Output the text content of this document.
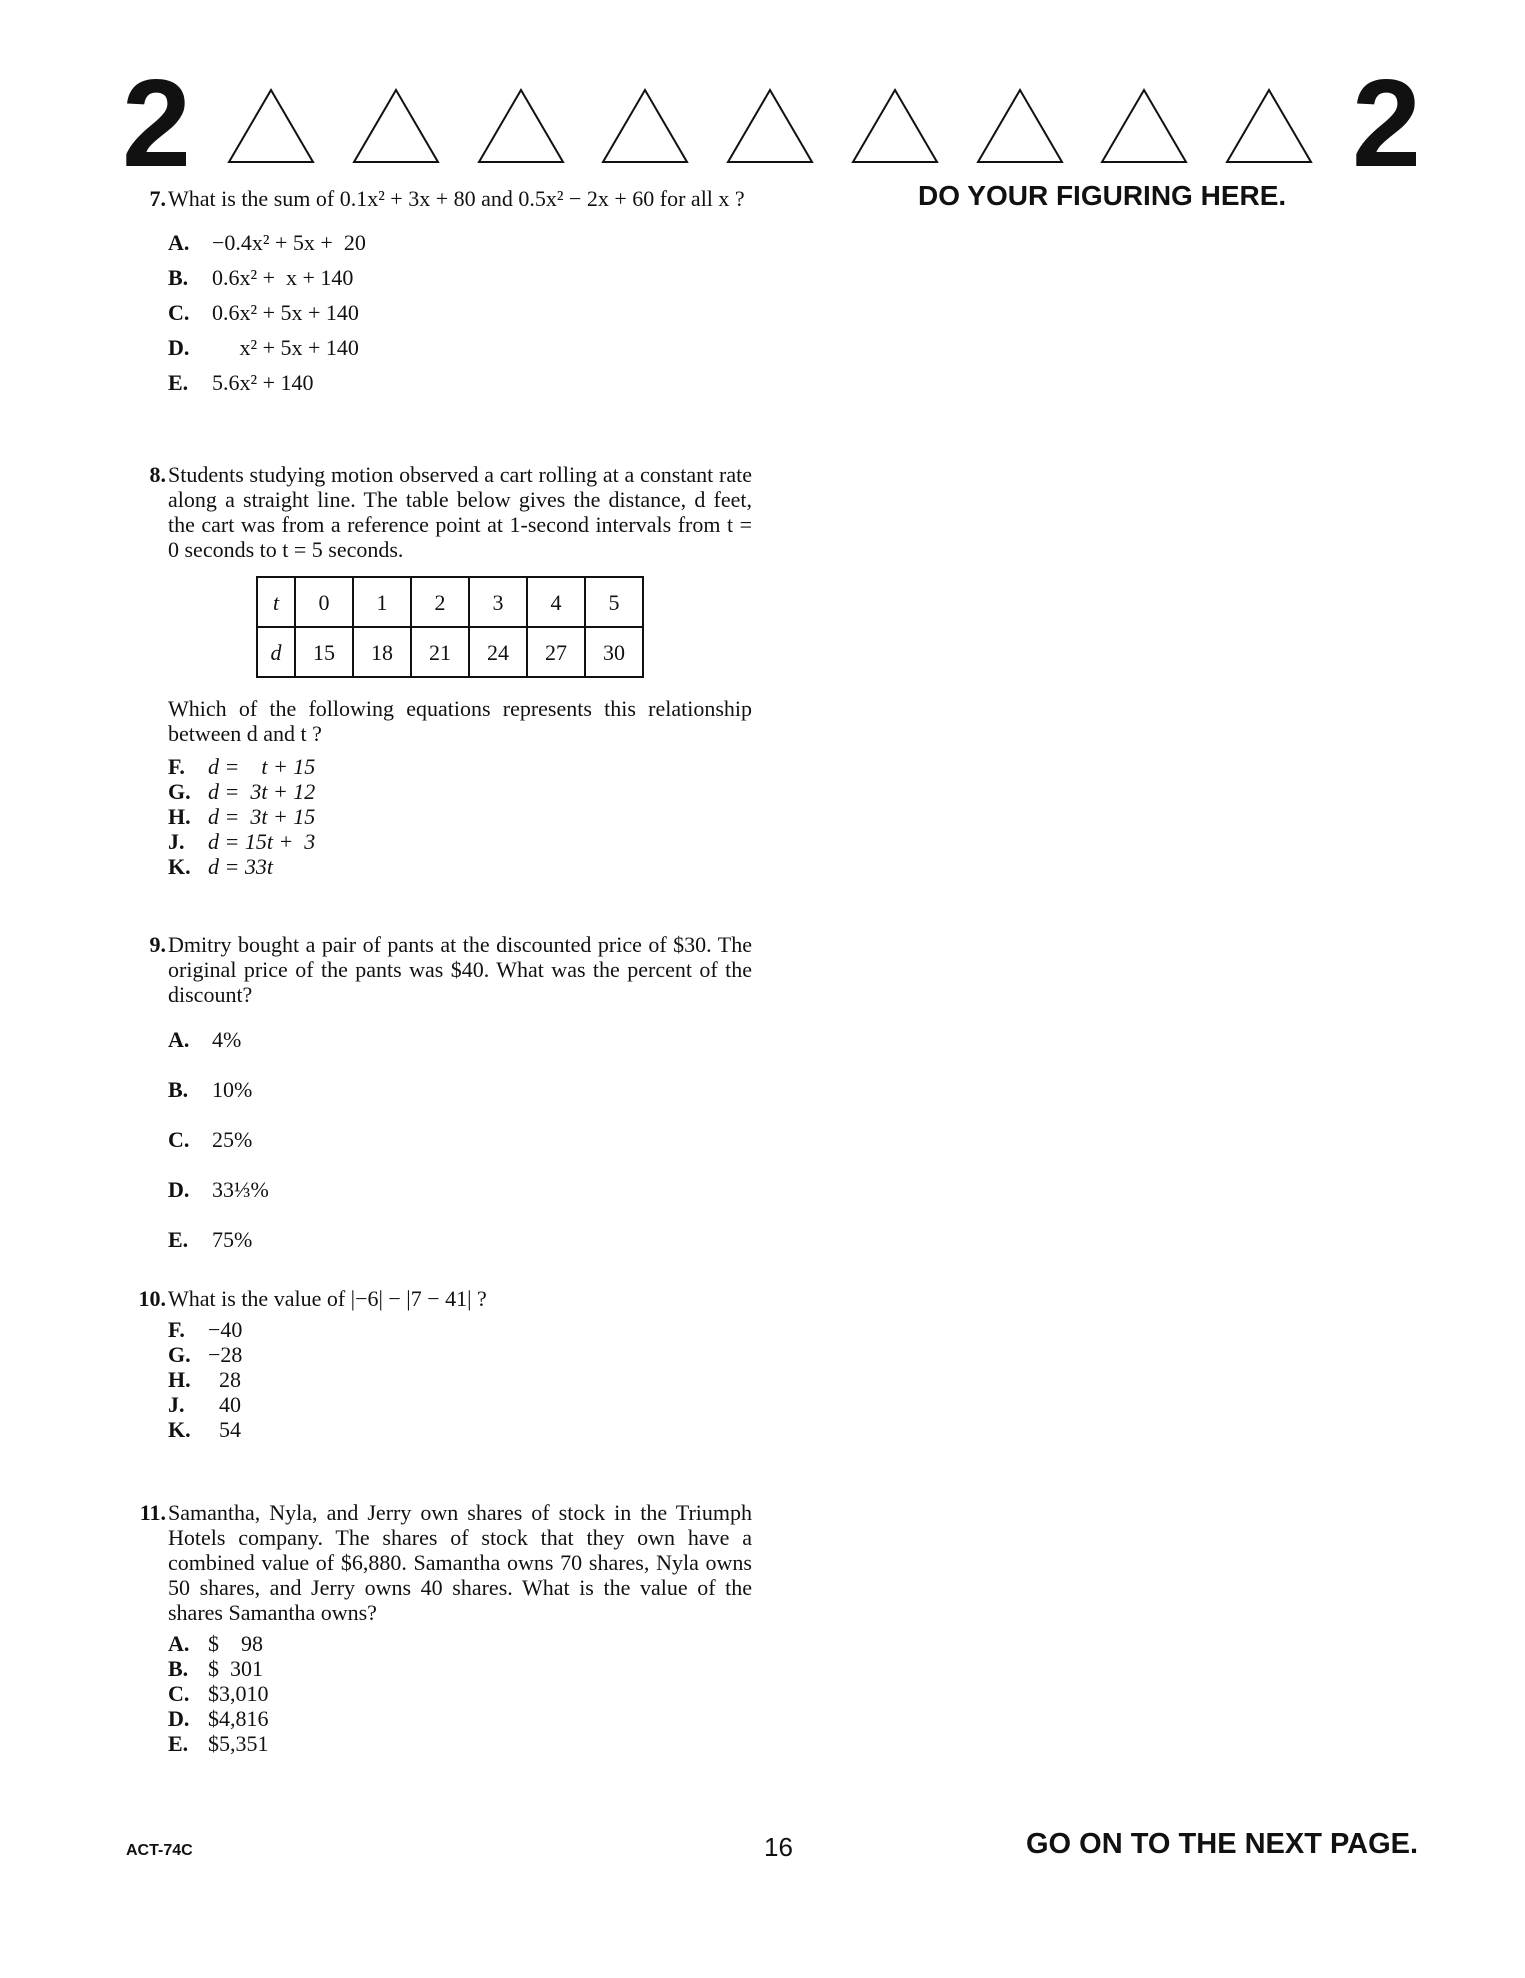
2	2
DO YOUR FIGURING HERE.
7. What is the sum of 0.1x² + 3x + 80 and 0.5x² − 2x + 60 for all x ?
A.	−0.4x² + 5x +  20
B.	0.6x² +  x + 140
C.	0.6x² + 5x + 140
D.	x² + 5x + 140
E.	5.6x² + 140
8. Students studying motion observed a cart rolling at a constant rate along a straight line. The table below gives the distance, d feet, the cart was from a reference point at 1-second intervals from t = 0 seconds to t = 5 seconds.
t	0	1	2	3	4	5
d	15	18	21	24	27	30
Which of the following equations represents this relationship between d and t ?
F.	d =    t + 15
G. d =  3t + 12
H. d =  3t + 15
J.	d = 15t +  3
K. d = 33t
9. Dmitry bought a pair of pants at the discounted price of $30. The original price of the pants was $40. What was the percent of the discount?
A.	4%
B.	10%
C.	25%
D.	33⅓%
E.	75%
10. What is the value of |−6| − |7 − 41| ?
F.	−40
G. −28
H. 28
J.	40
K. 54
11. Samantha, Nyla, and Jerry own shares of stock in the Triumph Hotels company. The shares of stock that they own have a combined value of $6,880. Samantha owns 70 shares, Nyla owns 50 shares, and Jerry owns 40 shares. What is the value of the shares Samantha owns?
A. $    98
B. $  301
C. $3,010
D. $4,816
E. $5,351
ACT-74C	16	GO ON TO THE NEXT PAGE.
